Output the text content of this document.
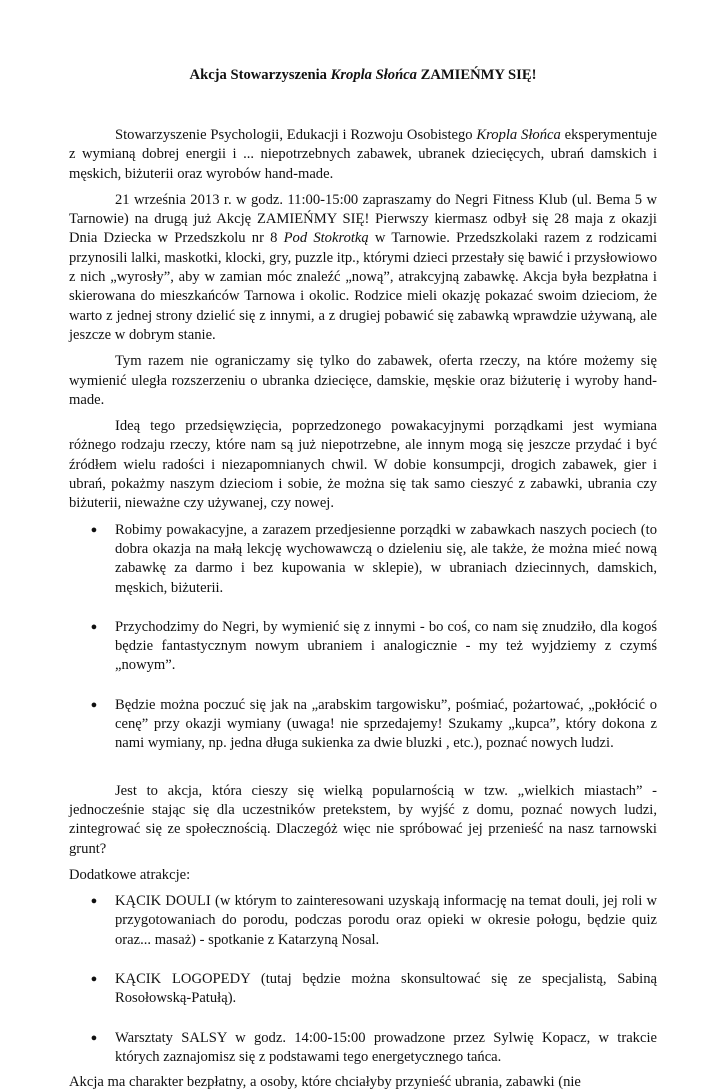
Akcja Stowarzyszenia Kropla Słońca ZAMIEŃMY SIĘ!

Stowarzyszenie Psychologii, Edukacji i Rozwoju Osobistego Kropla Słońca eksperymentuje z wymianą dobrej energii i ... niepotrzebnych zabawek, ubranek dziecięcych, ubrań damskich i męskich, biżuterii oraz wyrobów hand-made.

21 września 2013 r. w godz. 11:00-15:00 zapraszamy do Negri Fitness Klub (ul. Bema 5 w Tarnowie) na drugą już Akcję ZAMIEŃMY SIĘ! Pierwszy kiermasz odbył się 28 maja z okazji Dnia Dziecka w Przedszkolu nr 8 Pod Stokrotką w Tarnowie. Przedszkolaki razem z rodzicami przynosili lalki, maskotki, klocki, gry, puzzle itp., którymi dzieci przestały się bawić i przysłowiowo z nich „wyrosły”, aby w zamian móc znaleźć „nową”, atrakcyjną zabawkę. Akcja była bezpłatna i skierowana do mieszkańców Tarnowa i okolic. Rodzice mieli okazję pokazać swoim dzieciom, że warto z jednej strony dzielić się z innymi, a z drugiej pobawić się zabawką wprawdzie używaną, ale jeszcze w dobrym stanie.

Tym razem nie ograniczamy się tylko do zabawek, oferta rzeczy, na które możemy się wymienić uległa rozszerzeniu o ubranka dziecięce, damskie, męskie oraz biżuterię i wyroby hand-made.

Ideą tego przedsięwzięcia, poprzedzonego powakacyjnymi porządkami jest wymiana różnego rodzaju rzeczy, które nam są już niepotrzebne, ale innym mogą się jeszcze przydać i być źródłem wielu radości i niezapomnianych chwil. W dobie konsumpcji, drogich zabawek, gier i ubrań, pokażmy naszym dzieciom i sobie, że można się tak samo cieszyć z zabawki, ubrania czy biżuterii, nieważne czy używanej, czy nowej.

● Robimy powakacyjne, a zarazem przedjesienne porządki w zabawkach naszych pociech (to dobra okazja na małą lekcję wychowawczą o dzieleniu się, ale także, że można mieć nową zabawkę za darmo i bez kupowania w sklepie), w ubraniach dziecinnych, damskich, męskich, biżuterii.
● Przychodzimy do Negri, by wymienić się z innymi - bo coś, co nam się znudziło, dla kogoś będzie fantastycznym nowym ubraniem i analogicznie - my też wyjdziemy z czymś „nowym”.
● Będzie można poczuć się jak na „arabskim targowisku”, pośmiać, pożartować, „pokłócić o cenę” przy okazji wymiany (uwaga! nie sprzedajemy! Szukamy „kupca”, który dokona z nami wymiany, np. jedna długa sukienka za dwie bluzki , etc.), poznać nowych ludzi.

Jest to akcja, która cieszy się wielką popularnością w tzw. „wielkich miastach” - jednocześnie stając się dla uczestników pretekstem, by wyjść z domu, poznać nowych ludzi, zintegrować się ze społecznością. Dlaczegóż więc nie spróbować jej przenieść na nasz tarnowski grunt?

Dodatkowe atrakcje:

● KĄCIK DOULI (w którym to zainteresowani uzyskają informację na temat douli, jej roli w przygotowaniach do porodu, podczas porodu oraz opieki w okresie połogu, będzie quiz oraz... masaż) - spotkanie z Katarzyną Nosal.
● KĄCIK LOGOPEDY (tutaj będzie można skonsultować się ze specjalistą, Sabiną Rosołowską-Patułą).
● Warsztaty SALSY w godz. 14:00-15:00 prowadzone przez Sylwię Kopacz, w trakcie których zaznajomisz się z podstawami tego energetycznego tańca.

Akcja ma charakter bezpłatny, a osoby, które chciałyby przynieść ubrania, zabawki (nie
